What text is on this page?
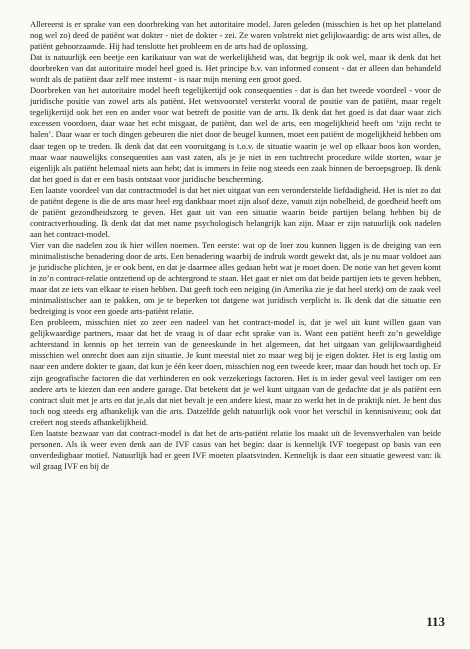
Allereerst is er sprake van een doorbreking van het autoritaire model. Jaren geleden (misschien is het op het platteland nog wel zo) deed de patiënt wat dokter - niet de dokter - zei. Ze waren volstrekt niet gelijkwaardig: de arts wist alles, de patiënt gehoorzaamde. Hij had tenslotte het probleem en de arts had de oplossing.

Dat is natuurlijk een beetje een karikatuur van wat de werkelijkheid was, dat begrijp ik ook wel, maar ik denk dat het doorbreken van dat autoritaire model heel goed is. Het principe b.v. van informed consent - dat er alleen dan behandeld wordt als de patiënt daar zelf mee instemt - is naar mijn mening een groot goed.

Doorbreken van het autoritaire model heeft tegelijkertijd ook consequenties - dat is dan het tweede voordeel - voor de juridische positie van zowel arts als patiënt. Het wetsvoorstel versterkt vooral de positie van de patiënt, maar regelt tegelijkertijd ook het een en ander voor wat betreft de positie van de arts. Ik denk dat het goed is dat daar waar zich excessen voordoen, daar waar het echt misgaat, de patiënt, dan wel de arts, een mogelijkheid heeft om ‘zijn recht te halen’. Daar waar er toch dingen gebeuren die niet door de beugel kunnen, moet een patiënt de mogelijkheid hebben om daar tegen op te treden. Ik denk dat dat een vooruitgang is t.o.v. de situatie waarin je wel op elkaar boos kon worden, maar waar nauwelijks consequenties aan vast zaten, als je je niet in een tuchtrecht procedure wilde storten, waar je eigenlijk als patiënt helemaal niets aan hebt; dat is immers in feite nog steeds een zaak binnen de beroepsgroep. Ik denk dat het goed is dat er een basis ontstaat voor juridische bescherming.

Een laatste voordeel van dat contractmodel is dat het niet uitgaat van een veronderstelde liefdadigheid. Het is niet zo dat de patiënt degene is die de arts maar heel erg dankbaar moet zijn alsof deze, vanuit zijn nobelheid, de goedheid heeft om de patiënt gezondheidszorg te geven. Het gaat uit van een situatie waarin beide partijen belang hebben bij de contractverhouding. Ik denk dat dat met name psychologisch belangrijk kan zijn. Maar er zijn natuurlijk ook nadelen aan het contract-model.

Vier van die nadelen zou ik hier willen noemen. Ten eerste: wat op de loer zou kunnen liggen is de dreiging van een minimalistische benadering door de arts. Een benadering waarbij de indruk wordt gewekt dat, als je nu maar voldoet aan je juridische plichten, je er ook bent, en dat je daarmee alles gedaan hebt wat je moet doen. De notie van het geven komt in zo’n contract-relatie ontzettend op de achtergrond te staan. Het gaat er niet om dat beide partijen iets te geven hebben, maar dat ze iets van elkaar te eisen hebben. Dat geeft toch een neiging (in Amerika zie je dat heel sterk) om de zaak veel minimalistischer aan te pakken, om je te beperken tot datgene wat juridisch verplicht is. Ik denk dat die situatie een bedreiging is voor een goede arts-patiënt relatie.

Een probleem, misschien niet zo zeer een nadeel van het contract-model is, dat je wel uit kunt willen gaan van gelijkwaardige partners, maar dat het de vraag is of daar echt sprake van is. Want een patiënt heeft zo’n geweldige achterstand in kennis op het terrein van de geneeskunde in het algemeen, dat het uitgaan van gelijkwaardigheid misschien wel onrecht doet aan zijn situatie. Je kunt meestal niet zo maar weg bij je eigen dokter. Het is erg lastig om naar een andere dokter te gaan, dat kun je één keer doen, misschien nog een tweede keer, maar dan houdt het toch op. Er zijn geografische factoren die dat verhinderen en ook verzekerings factoren. Het is in ieder geval veel lastiger om een andere arts te kiezen dan een andere garage. Dat betekent dat je wel kunt uitgaan van de gedachte dat je als patiënt een contract sluit met je arts en dat je,als dat niet bevalt je een andere kiest, maar zo werkt het in de praktijk niet. Je bent dus toch nog steeds erg afhankelijk van die arts. Datzelfde geldt natuurlijk ook voor het verschil in kennisniveau; ook dat creëert nog steeds afhankelijkheid.

Een laatste bezwaar van dat contract-model is dat het de arts-patiënt relatie los maakt uit de levensverhalen van beide personen. Als ik weer even denk aan de IVF casus van het begin: daar is kennelijk IVF toegepast op basis van een onverdedigbaar motief. Natuurlijk had er geen IVF moeten plaatsvinden. Kennelijk is daar een situatie geweest van: ik wil graag IVF en bij de

113
